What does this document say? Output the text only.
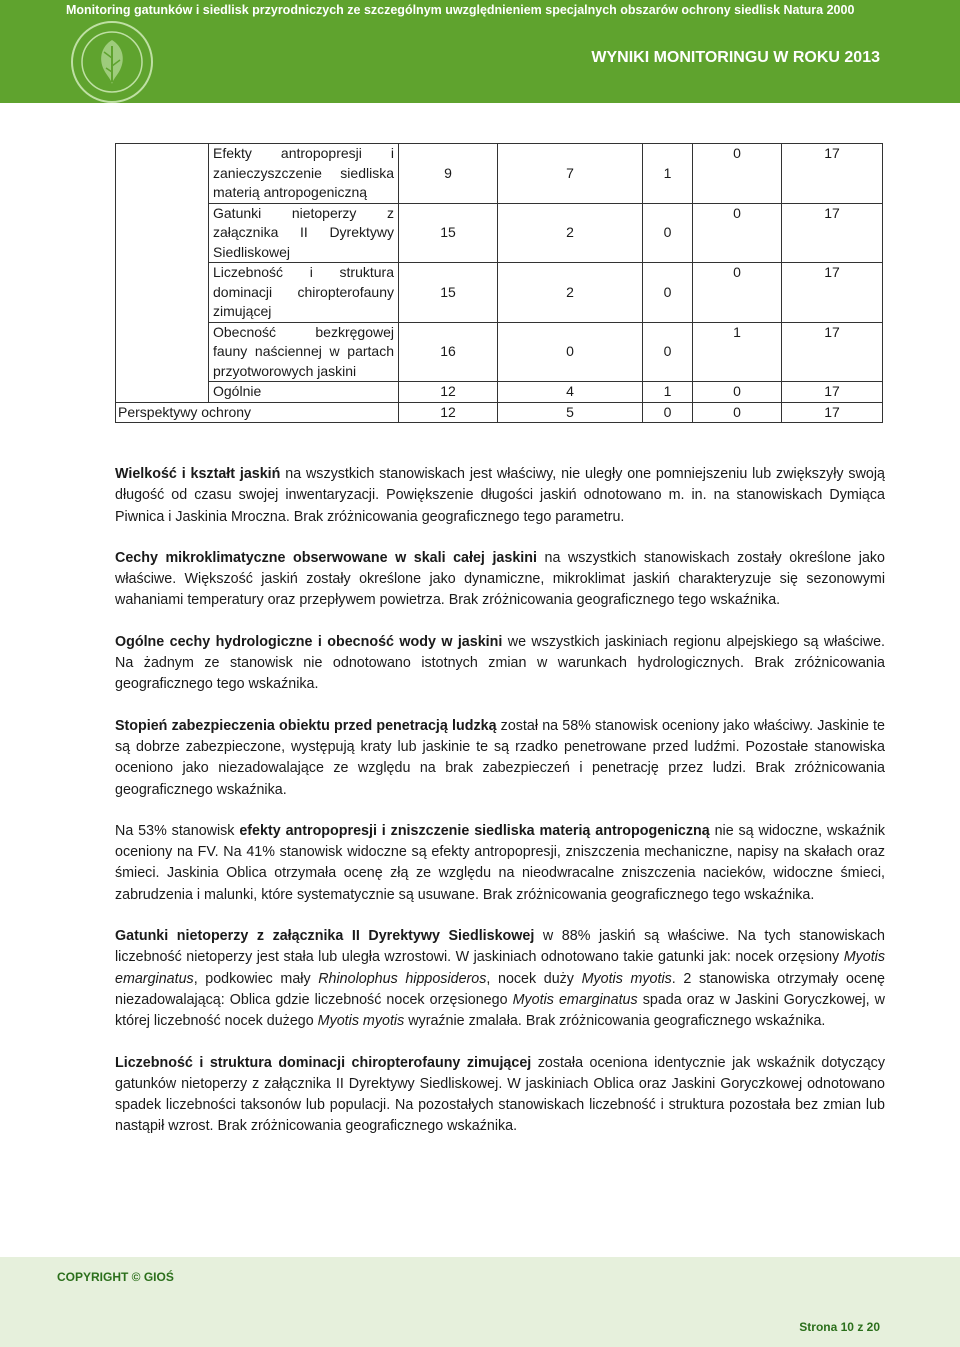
Monitoring gatunków i siedlisk przyrodniczych ze szczególnym uwzględnieniem specjalnych obszarów ochrony siedlisk Natura 2000
WYNIKI MONITORINGU W ROKU 2013

	Efekty antropopresji i
zanieczyszczenie siedliska
materią antropogeniczną	9	7	1	0	17

	Gatunki nietoperzy z
załącznika II Dyrektywy
Siedliskowej	15	2	0	0	17

	Liczebność i struktura
dominacji chiropterofauny
zimującej	15	2	0	0	17

	Obecność bezkręgowej
fauny naściennej w partach
przyotworowych jaskini	16	0	0	1	17
	Ogólnie	12	4	1	0	17
Perspektywy ochrony		12	5	0	0	17

Wielkość i kształt jaskiń na wszystkich stanowiskach jest właściwy, nie uległy one pomniejszeniu lub zwiększyły swoją długość od czasu swojej inwentaryzacji. Powiększenie długości jaskiń odnotowano m. in. na stanowiskach Dymiąca Piwnica i Jaskinia Mroczna. Brak zróżnicowania geograficznego tego parametru.

Cechy mikroklimatyczne obserwowane w skali całej jaskini na wszystkich stanowiskach zostały określone jako właściwe. Większość jaskiń zostały określone jako dynamiczne, mikroklimat jaskiń charakteryzuje się sezonowymi wahaniami temperatury oraz przepływem powietrza. Brak zróżnicowania geograficznego tego wskaźnika.

Ogólne cechy hydrologiczne i obecność wody w jaskini we wszystkich jaskiniach regionu alpejskiego są właściwe. Na żadnym ze stanowisk nie odnotowano istotnych zmian w warunkach hydrologicznych. Brak zróżnicowania geograficznego tego wskaźnika.

Stopień zabezpieczenia obiektu przed penetracją ludzką został na 58% stanowisk oceniony jako właściwy. Jaskinie te są dobrze zabezpieczone, występują kraty lub jaskinie te są rzadko penetrowane przed ludźmi. Pozostałe stanowiska oceniono jako niezadowalające ze względu na brak zabezpieczeń i penetrację przez ludzi. Brak zróżnicowania geograficznego wskaźnika.

Na 53% stanowisk efekty antropopresji i zniszczenie siedliska materią antropogeniczną nie są widoczne, wskaźnik oceniony na FV. Na 41% stanowisk widoczne są efekty antropopresji, zniszczenia mechaniczne, napisy na skałach oraz śmieci. Jaskinia Oblica otrzymała ocenę złą ze względu na nieodwracalne zniszczenia nacieków, widoczne śmieci, zabrudzenia i malunki, które systematycznie są usuwane. Brak zróżnicowania geograficznego tego wskaźnika.

Gatunki nietoperzy z załącznika II Dyrektywy Siedliskowej w 88% jaskiń są właściwe. Na tych stanowiskach liczebność nietoperzy jest stała lub uległa wzrostowi. W jaskiniach odnotowano takie gatunki jak: nocek orzęsiony Myotis emarginatus, podkowiec mały Rhinolophus hipposideros, nocek duży Myotis myotis. 2 stanowiska otrzymały ocenę niezadowalającą: Oblica gdzie liczebność nocek orzęsionego Myotis emarginatus spada oraz w Jaskini Goryczkowej, w której liczebność nocek dużego Myotis myotis wyraźnie zmalała. Brak zróżnicowania geograficznego wskaźnika.

Liczebność i struktura dominacji chiropterofauny zimującej została oceniona identycznie jak wskaźnik dotyczący gatunków nietoperzy z załącznika II Dyrektywy Siedliskowej. W jaskiniach Oblica oraz Jaskini Goryczkowej odnotowano spadek liczebności taksonów lub populacji. Na pozostałych stanowiskach liczebność i struktura pozostała bez zmian lub nastąpił wzrost. Brak zróżnicowania geograficznego wskaźnika.

COPYRIGHT © GIOŚ
Strona 10 z 20
